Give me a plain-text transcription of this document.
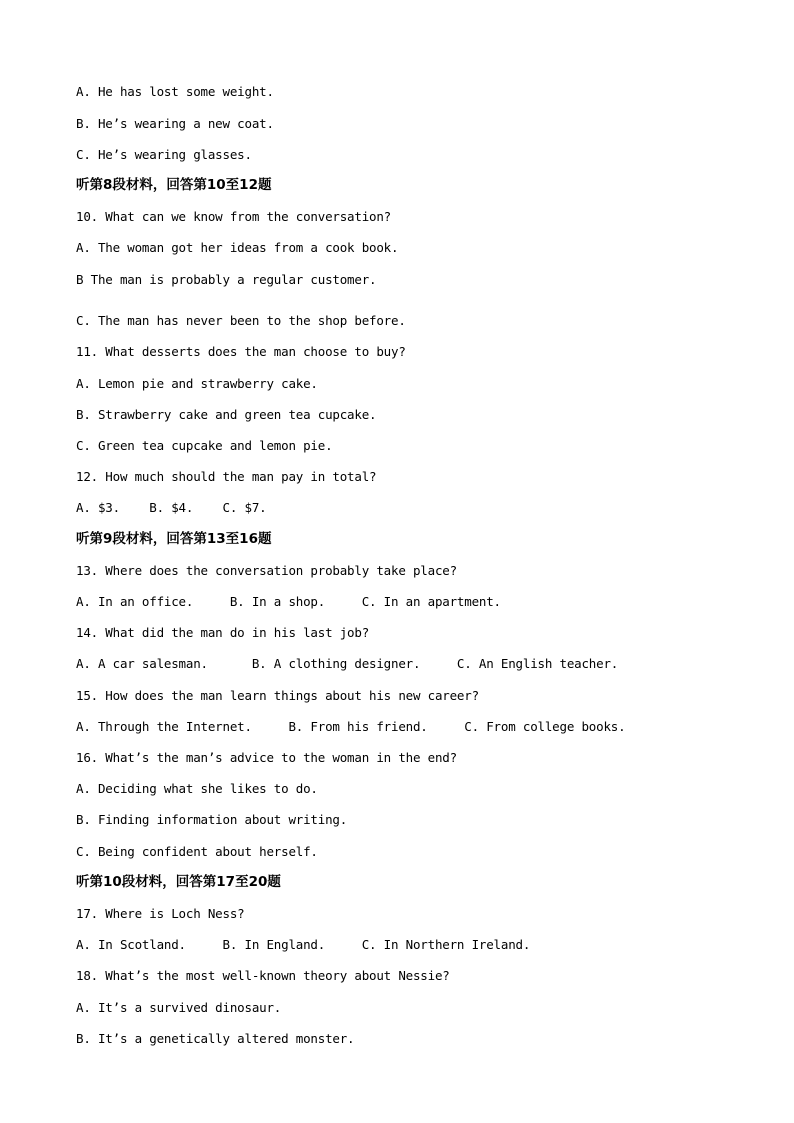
A. He has lost some weight.
B. He’s wearing a new coat.
C. He’s wearing glasses.
听第8段材料，回答第10至12题
10. What can we know from the conversation?
A. The woman got her ideas from a cook book.
B The man is probably a regular customer.
C. The man has never been to the shop before.
11. What desserts does the man choose to buy?
A. Lemon pie and strawberry cake.
B. Strawberry cake and green tea cupcake.
C. Green tea cupcake and lemon pie.
12. How much should the man pay in total?
A. $3.    B. $4.    C. $7.
听第9段材料，回答第13至16题
13. Where does the conversation probably take place?
A. In an office.     B. In a shop.     C. In an apartment.
14. What did the man do in his last job?
A. A car salesman.      B. A clothing designer.     C. An English teacher.
15. How does the man learn things about his new career?
A. Through the Internet.     B. From his friend.     C. From college books.
16. What’s the man’s advice to the woman in the end?
A. Deciding what she likes to do.
B. Finding information about writing.
C. Being confident about herself.
听第10段材料，回答第17至20题
17. Where is Loch Ness?
A. In Scotland.     B. In England.     C. In Northern Ireland.
18. What’s the most well-known theory about Nessie?
A. It’s a survived dinosaur.
B. It’s a genetically altered monster.
